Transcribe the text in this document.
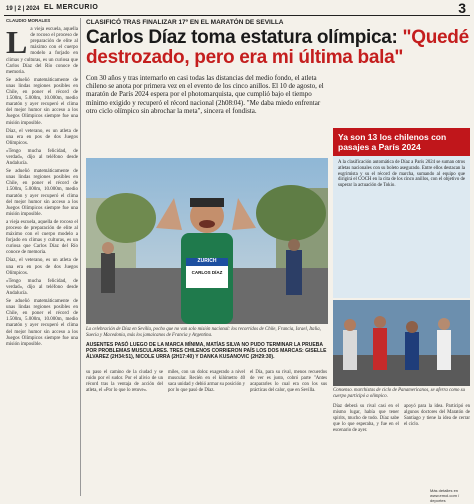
19 | 2 | 2024 EL MERCURIO	3
CLAUDIO MORALES

La vieja escuela, aquella de rocoso el proceso de preparación de elite al máximo con el cuerpo modelo a forjado en climas y culturas, es un curiosa que Carlos Díaz del Río conoce de memoria.

Se adueñó matemáticamente de unas lindas regiones posibles en Chile, en poner el récord de 1.500m, 5.000m, 10.000m, medio maratón y ayer recuperó el clima del mejor humor sin acceso a los Juegos Olímpicos siempre fue una misión imposible.

Díaz, el veterano, es un atleta de una era en pos de dos Juegos Olímpicos.

«Tengo mucha felicidad, de verdad», dijo al teléfono desde Andalucía.

Se adueñó matemáticamente de unas lindas regiones posibles en Chile, en poner el récord de 1.500m, 5.000m, 10.000m, medio maratón y ayer recuperó el clima del mejor humor sin acceso a los Juegos Olímpicos siempre fue una misión imposible.

a vieja escuela, aquella de rocoso el proceso de preparación de elite al máximo con el cuerpo modelo a forjado en climas y culturas, es un curiosa que Carlos Díaz del Río conoce de memoria.

Díaz, el veterano, es un atleta de una era en pos de dos Juegos Olímpicos.

«Tengo mucha felicidad, de verdad», dijo al teléfono desde Andalucía.

Se adueñó matemáticamente de unas lindas regiones posibles en Chile, en poner el récord de 1.500m, 5.000m, 10.000m, medio maratón y ayer recuperó el clima del mejor humor sin acceso a los Juegos Olímpicos siempre fue una misión imposible.

CLASIFICÓ TRAS FINALIZAR 17º EN EL MARATÓN DE SEVILLA
Carlos Díaz toma estatura olímpica: "Quedé destrozado, pero era mi última bala"
Con 30 años y tras internarlo en casi todas las distancias del medio fondo, el atleta chileno se anota por primera vez en el evento de los cinco anillos. El 10 de agosto, el maratón de París 2024 espera por el photomarquista, que cumplió bajo el tiempo mínimo exigido y recuperó el récord nacional (2h08:04). "Me daba miedo enfrentar otro ciclo olímpico sin abrochar la meta", sincera el fondista.
ZURICH
CARLOS DÍAZ
La celebración de Díaz en Sevilla, pocho que no van solo misión nacional: los recorridos de Chile, Francia, Israel, Italia, Suecia y Macedonia, más los jamaicanos de Francia y Argentina.
AUSENTES PASÓ LUEGO DE LA MARCA MÍNIMA, MATÍAS SILVA NO PUDO TERMINAR LA PRUEBA POR PROBLEMAS MUSCULARES. TRES CHILENOS CORRIERON PAÍS LOS DOS MARCAS: GISELLE ÁLVAREZ (2H34:51), NICOLE URRA (2H17:40) Y DANKA KUSANOVIC (2H29:30).
su paso el camino de la ciudad y se ruido por el sudor. Por el alivio de un récord tras la ventaja de acción del atleta, el «Por lo que lo retuve».
miles, con un doloz exagerado a nivel muscular. Recién en el kilómetro 40 saca unidad y debió armar su posición y por lo que pasó de Díaz.
el Día, para su rival, menos recuerdos de ver es justo, cobró parte "Antes acapararles lo cual era con los sus prácticas del calor, que en Sevilla.
Ya son 13 los chilenos con pasajes a París 2024
A la clasificación automática de Díaz a París 2024 se suman otros atletas nacionales con su boleto asegurado. Entre ellos destacan la esgrimista y su el récord de marcha, sumando al equipo que dirigirá el COCH en la cita de los cinco anillos, con el objetivo de superar la actuación de Tokio.
Consenso. marchistas de ciclo de Panamericanos, se aferra como su cuerpo participó a olímpico.
Díaz deberá su rival casi en el mismo lugar, había que tener spirits, mucho de todo. Díaz sabe que lo que esperaba, y fue en el escenario de ayer.
apoyó para la idea. Participó en algunos doctores del Maratón de Santiago y tiene la idea de cerrar el ciclo.
Más detalles en www.emol.com / deportes
